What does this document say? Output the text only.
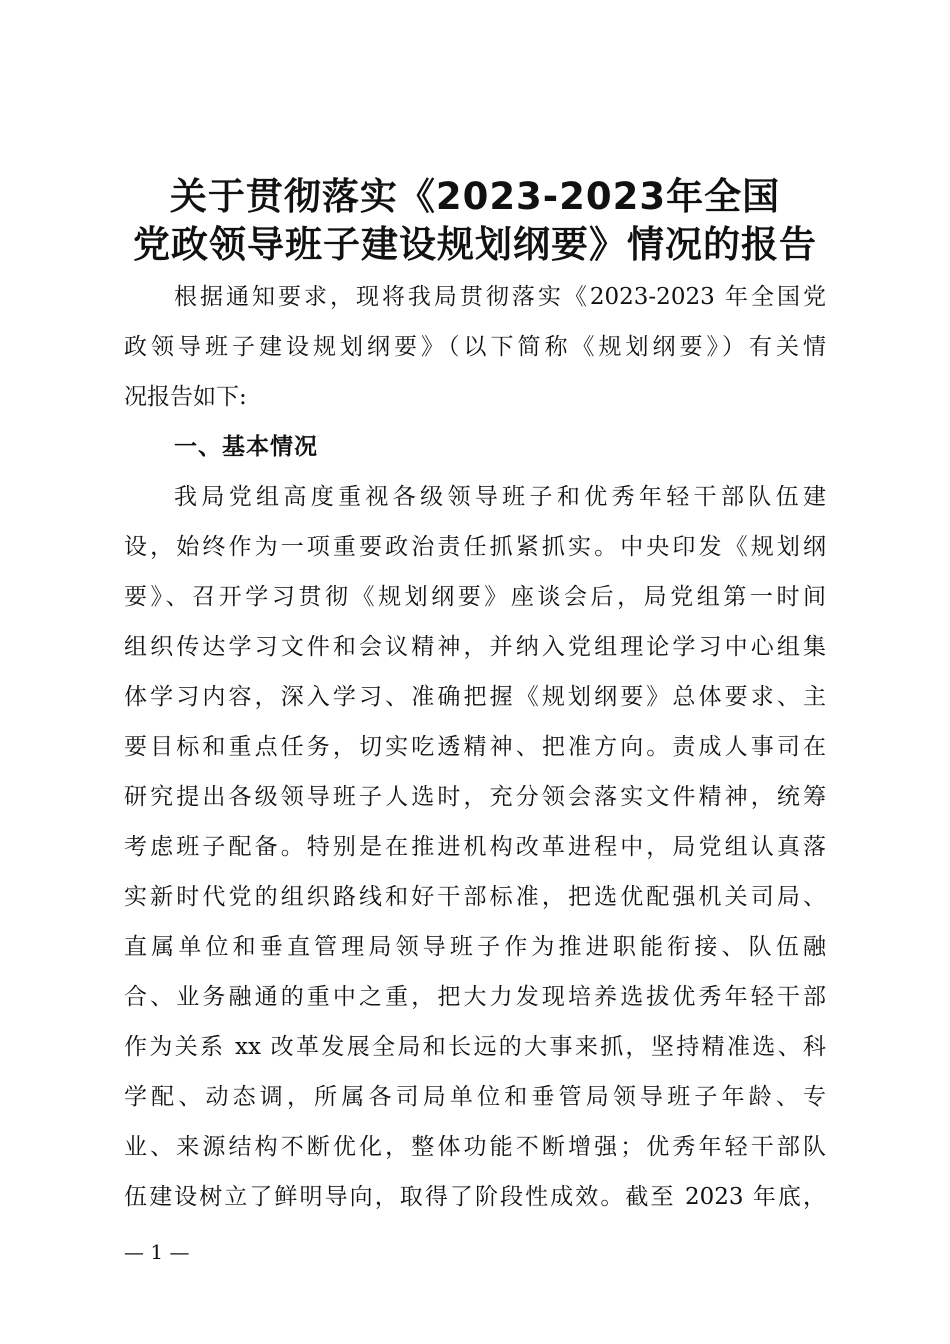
关于贯彻落实《2023-2023年全国
党政领导班子建设规划纲要》情况的报告
根据通知要求，现将我局贯彻落实《2023-2023 年全国党
政领导班子建设规划纲要》（以下简称《规划纲要》）有关情
况报告如下:
一、基本情况
我局党组高度重视各级领导班子和优秀年轻干部队伍建
设，始终作为一项重要政治责任抓紧抓实。中央印发《规划纲
要》、召开学习贯彻《规划纲要》座谈会后，局党组第一时间
组织传达学习文件和会议精神，并纳入党组理论学习中心组集
体学习内容，深入学习、准确把握《规划纲要》总体要求、主
要目标和重点任务，切实吃透精神、把准方向。责成人事司在
研究提出各级领导班子人选时，充分领会落实文件精神，统筹
考虑班子配备。特别是在推进机构改革进程中，局党组认真落
实新时代党的组织路线和好干部标准，把选优配强机关司局、
直属单位和垂直管理局领导班子作为推进职能衔接、队伍融
合、业务融通的重中之重，把大力发现培养选拔优秀年轻干部
作为关系 xx 改革发展全局和长远的大事来抓，坚持精准选、科
学配、动态调，所属各司局单位和垂管局领导班子年龄、专
业、来源结构不断优化，整体功能不断增强；优秀年轻干部队
伍建设树立了鲜明导向，取得了阶段性成效。截至 2023 年底，
— 1 —
